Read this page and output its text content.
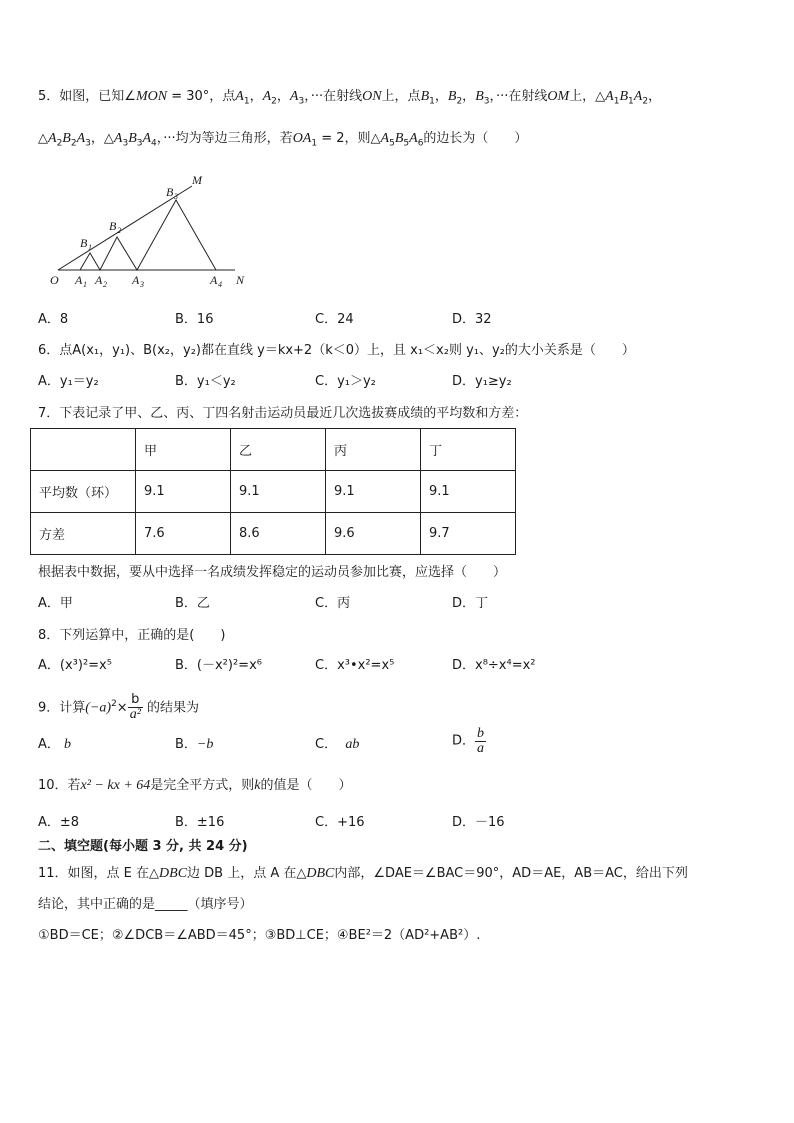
5．如图，已知∠MON = 30°，点$A_1$，$A_2$，$A_3$，···在射线ON上，点$B_1$，$B_2$，$B_3$，···在射线OM上，$\triangle A_1B_1A_2$，
$\triangle A_2B_2A_3$，$\triangle A_3B_3A_4$，···均为等边三角形，若$OA_1 = 2$，则$\triangle A_5B_5A_6$的边长为（　　）
O	N
M
A 1 A 2 A 3	A 4
B 1
B 2
B 3
A．8	B．16	C．24	D．32
6．点A(x₁，y₁)、B(x₂，y₂)都在直线 y＝kx+2（k＜0）上，且 x₁＜x₂则 y₁、y₂的大小关系是（　　）
A．y₁＝y₂	B．y₁＜y₂	C．y₁＞y₂	D．y₁≥y₂
7．下表记录了甲、乙、丙、丁四名射击运动员最近几次选拔赛成绩的平均数和方差：
	甲	乙	丙	丁
平均数（环）	9.1	9.1	9.1	9.1
方差	7.6	8.6	9.6	9.7
根据表中数据，要从中选择一名成绩发挥稳定的运动员参加比赛，应选择（　　）
A．甲	B．乙	C．丙	D．丁
8．下列运算中，正确的是(　　)
A．(x³)²=x⁵	B．(－x²)²=x⁶	C．x³•x²=x⁵	D．x⁸÷x⁴=x²
9．计算$(-a)^2\times \frac{b}{\text{a²}}$ 的结果为
A． b	B．−b	C． ab	D． $\frac{b}{a}$
10．若x² − kx + 64是完全平方式，则k的值是（　　）
A．±8	B．±16	C．+16	D．－16
二、填空题(每小题 3 分, 共 24 分)
11．如图，点 E 在△DBC边 DB 上，点 A 在△DBC内部，∠DAE＝∠BAC＝90°，AD＝AE，AB＝AC，给出下列
结论，其中正确的是_____（填序号）
①BD＝CE；②∠DCB＝∠ABD＝45°；③BD⊥CE；④BE²＝2（AD²+AB²）.
